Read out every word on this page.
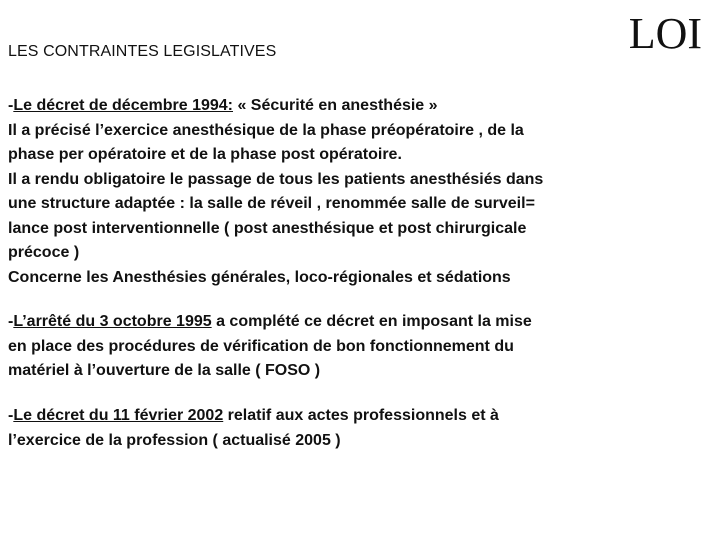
LES CONTRAINTES LEGISLATIVES	LOI
-Le décret de décembre 1994: « Sécurité en anesthésie »
Il a précisé l’exercice anesthésique de la phase préopératoire , de la
phase per opératoire et de la phase post opératoire.
Il a rendu obligatoire le passage de tous les patients anesthésiés dans
une structure adaptée : la salle de réveil , renommée salle de surveil=
lance post interventionnelle ( post anesthésique et post chirurgicale
précoce )
Concerne les Anesthésies générales, loco-régionales et sédations
-L’arrêté du 3 octobre 1995 a complété ce décret en imposant la mise
en place des procédures de vérification de bon fonctionnement du
matériel à l’ouverture de la salle ( FOSO )
-Le décret du 11 février 2002 relatif aux actes professionnels et à
l’exercice de la profession ( actualisé 2005 )
